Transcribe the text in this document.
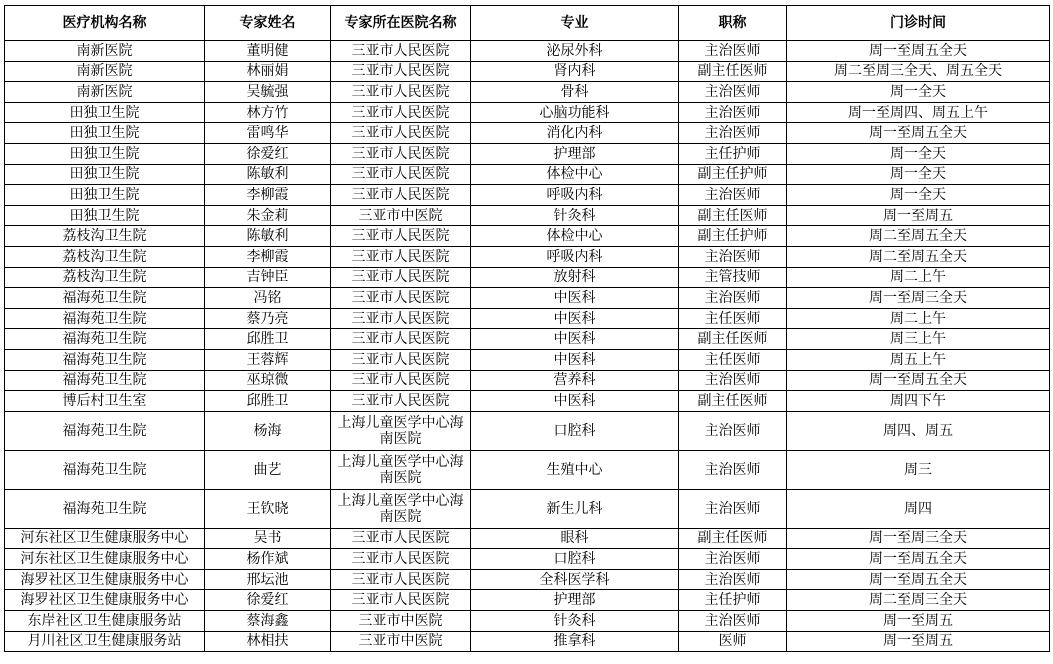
医疗机构名称	专家姓名	专家所在医院名称	专业	职称	门诊时间
南新医院	董明健	三亚市人民医院	泌尿外科	主治医师	周一至周五全天
南新医院	林丽娟	三亚市人民医院	肾内科	副主任医师	周二至周三全天、周五全天
南新医院	吴毓强	三亚市人民医院	骨科	主治医师	周一全天
田独卫生院	林方竹	三亚市人民医院	心脑功能科	主治医师	周一至周四、周五上午
田独卫生院	雷鸣华	三亚市人民医院	消化内科	主治医师	周一至周五全天
田独卫生院	徐爱红	三亚市人民医院	护理部	主任护师	周一全天
田独卫生院	陈敏利	三亚市人民医院	体检中心	副主任护师	周一全天
田独卫生院	李柳霞	三亚市人民医院	呼吸内科	主治医师	周一全天
田独卫生院	朱金莉	三亚市中医院	针灸科	副主任医师	周一至周五
荔枝沟卫生院	陈敏利	三亚市人民医院	体检中心	副主任护师	周二至周五全天
荔枝沟卫生院	李柳霞	三亚市人民医院	呼吸内科	主治医师	周二至周五全天
荔枝沟卫生院	吉钟臣	三亚市人民医院	放射科	主管技师	周二上午
福海苑卫生院	冯铭	三亚市人民医院	中医科	主治医师	周一至周三全天
福海苑卫生院	蔡乃亮	三亚市人民医院	中医科	主任医师	周二上午
福海苑卫生院	邱胜卫	三亚市人民医院	中医科	副主任医师	周三上午
福海苑卫生院	王蓉辉	三亚市人民医院	中医科	主任医师	周五上午
福海苑卫生院	巫琼微	三亚市人民医院	营养科	主治医师	周一至周五全天
博后村卫生室	邱胜卫	三亚市人民医院	中医科	副主任医师	周四下午
福海苑卫生院	杨海	上海儿童医学中心海南医院	口腔科	主治医师	周四、周五
福海苑卫生院	曲艺	上海儿童医学中心海南医院	生殖中心	主治医师	周三
福海苑卫生院	王钦晓	上海儿童医学中心海南医院	新生儿科	主治医师	周四
河东社区卫生健康服务中心	吴书	三亚市人民医院	眼科	副主任医师	周一至周三全天
河东社区卫生健康服务中心	杨作斌	三亚市人民医院	口腔科	主治医师	周一至周五全天
海罗社区卫生健康服务中心	邢坛池	三亚市人民医院	全科医学科	主治医师	周一至周五全天
海罗社区卫生健康服务中心	徐爱红	三亚市人民医院	护理部	主任护师	周二至周三全天
东岸社区卫生健康服务站	蔡海鑫	三亚市中医院	针灸科	主治医师	周一至周五
月川社区卫生健康服务站	林相扶	三亚市中医院	推拿科	医师	周一至周五
